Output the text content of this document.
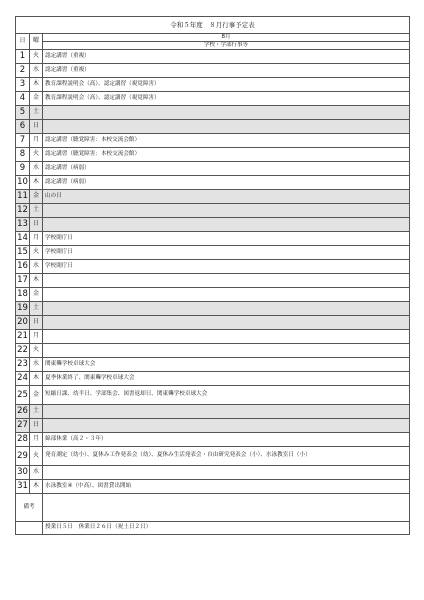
令和５年度　８月行事予定表		
日	曜	8月
		学校・学部行事等
1	火	認定講習（重複）
2	水	認定講習（重複）
3	木	教育課程説明会（高）、認定講習（視覚障害）
4	金	教育課程説明会（高）、認定講習（視覚障害）
5	土	
6	日	
7	月	認定講習（聴覚障害：本校交流会館）
8	火	認定講習（聴覚障害：本校交流会館）
9	水	認定講習（病弱）
10	木	認定講習（病弱）
11	金	山の日
12	土	
13	日	
14	月	学校閉庁日
15	火	学校閉庁日
16	水	学校閉庁日
17	木	
18	金	
19	土	
20	日	
21	月	
22	火	
23	水	関東聾学校卓球大会
24	木	夏季休業終了、関東聾学校卓球大会
25	金	短縮日課、幼半日、学部集会、図書返却日、関東聾学校卓球大会
26	土	
27	日	
28	月	綿部休業（高２・３年）
29	火	発育測定（幼小）、夏休み工作発表会（幼）、夏休み生活発表会・自由研究発表会（小）、水泳教室日（小）
30	水	
31	木	水泳教室④（中高）、図書貸出開始
備考		
		授業日５日　休業日２６日（祝土日２日）
